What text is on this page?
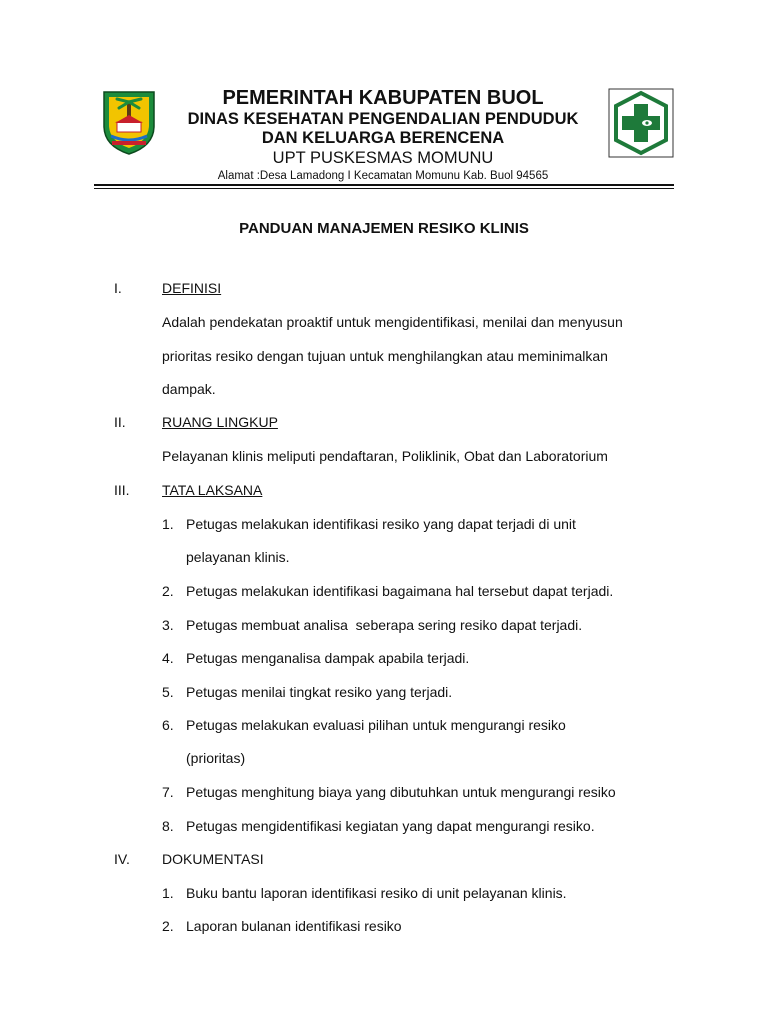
PEMERINTAH KABUPATEN BUOL
DINAS KESEHATAN PENGENDALIAN PENDUDUK
DAN KELUARGA BERENCENA
UPT PUSKESMAS MOMUNU
Alamat :Desa Lamadong I Kecamatan Momunu Kab. Buol 94565
PANDUAN MANAJEMEN RESIKO KLINIS
I.	DEFINISI
Adalah pendekatan proaktif untuk mengidentifikasi, menilai dan menyusun
prioritas resiko dengan tujuan untuk menghilangkan atau meminimalkan
dampak.
II.	RUANG LINGKUP
Pelayanan klinis meliputi pendaftaran, Poliklinik, Obat dan Laboratorium
III. TATA LAKSANA
1. Petugas melakukan identifikasi resiko yang dapat terjadi di unit
pelayanan klinis.
2. Petugas melakukan identifikasi bagaimana hal tersebut dapat terjadi.
3. Petugas membuat analisa  seberapa sering resiko dapat terjadi.
4. Petugas menganalisa dampak apabila terjadi.
5. Petugas menilai tingkat resiko yang terjadi.
6. Petugas melakukan evaluasi pilihan untuk mengurangi resiko
(prioritas)
7. Petugas menghitung biaya yang dibutuhkan untuk mengurangi resiko
8. Petugas mengidentifikasi kegiatan yang dapat mengurangi resiko.
IV. DOKUMENTASI
1. Buku bantu laporan identifikasi resiko di unit pelayanan klinis.
2. Laporan bulanan identifikasi resiko
